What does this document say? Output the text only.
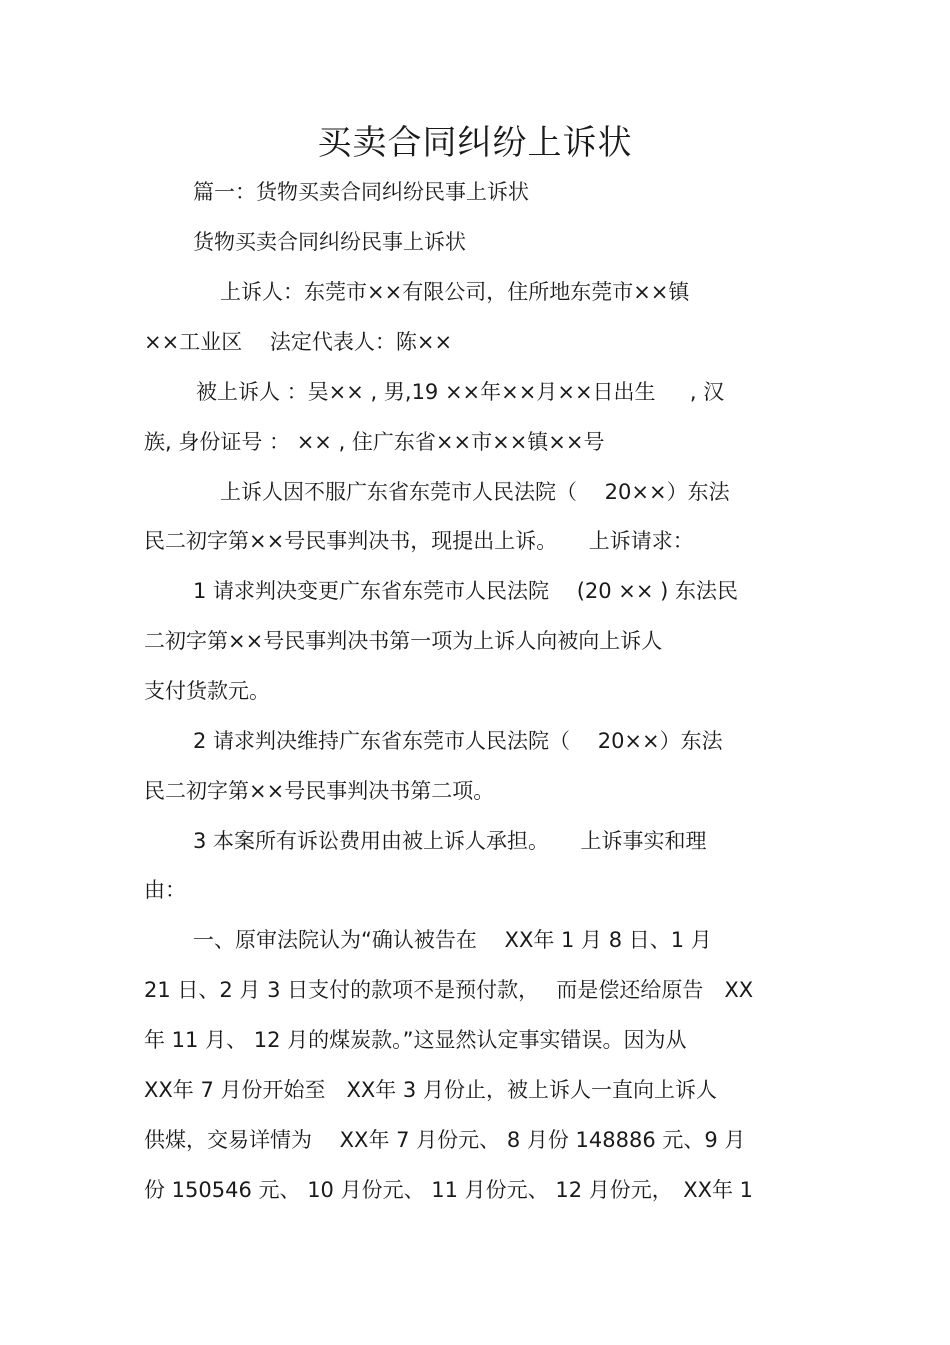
买卖合同纠纷上诉状
篇一：货物买卖合同纠纷民事上诉状
货物买卖合同纠纷民事上诉状
上诉人：东莞市××有限公司，住所地东莞市××镇
××工业区　 法定代表人：陈××
被上诉人 ：吴×× , 男,19 ××年××月××日出生 　 , 汉
族, 身份证号 ： ×× , 住广东省××市××镇××号
上诉人因不服广东省东莞市人民法院（　 20××）东法
民二初字第××号民事判决书，现提出上诉。　　上诉请求：
1 请求判决变更广东省东莞市人民法院　 (20 ×× ) 东法民
二初字第××号民事判决书第一项为上诉人向被向上诉人
支付货款元。
2 请求判决维持广东省东莞市人民法院（　 20××）东法
民二初字第××号民事判决书第二项。
3 本案所有诉讼费用由被上诉人承担。　　上诉事实和理
由：
一、原审法院认为“确认被告在　 XX年 1 月 8 日、1 月
21 日、2 月 3 日支付的款项不是预付款，　 而是偿还给原告　XX
年 11 月、 12 月的煤炭款。”这显然认定事实错误。因为从
XX年 7 月份开始至　XX年 3 月份止，被上诉人一直向上诉人
供煤，交易详情为　 XX年 7 月份元、 8 月份 148886 元、9 月
份 150546 元、 10 月份元、 11 月份元、 12 月份元，　XX年 1
